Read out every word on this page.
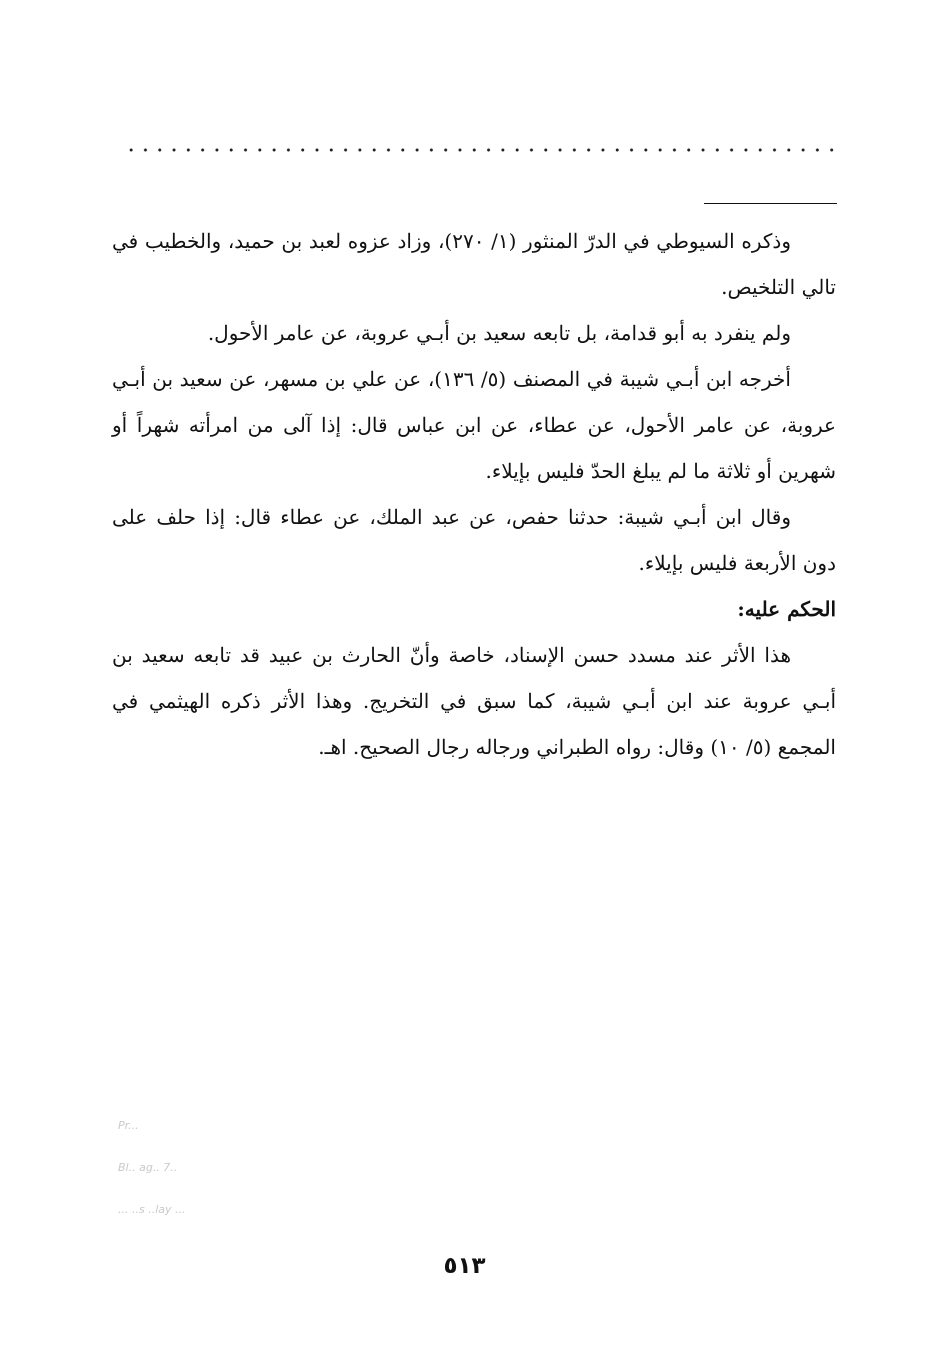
وذكره السيوطي في الدرّ المنثور (١/ ٢٧٠)، وزاد عزوه لعبد بن حميد، والخطيب في تالي التلخيص.

ولم ينفرد به أبو قدامة، بل تابعه سعيد بن أبـي عروبة، عن عامر الأحول.

أخرجه ابن أبـي شيبة في المصنف (٥/ ١٣٦)، عن علي بن مسهر، عن سعيد بن أبـي عروبة، عن عامر الأحول، عن عطاء، عن ابن عباس قال: إذا آلى من امرأته شهراً أو شهرين أو ثلاثة ما لم يبلغ الحدّ فليس بإيلاء.

وقال ابن أبـي شيبة: حدثنا حفص، عن عبد الملك، عن عطاء قال: إذا حلف على دون الأربعة فليس بإيلاء.

الحكم عليه:

هذا الأثر عند مسدد حسن الإسناد، خاصة وأنّ الحارث بن عبيد قد تابعه سعيد بن أبـي عروبة عند ابن أبـي شيبة، كما سبق في التخريج. وهذا الأثر ذكره الهيثمي في المجمع (٥/ ١٠) وقال: رواه الطبراني ورجاله رجال الصحيح. اهـ.

Pr...
Bl.. ag.. 7..
... ..s ..lay ...
٥١٣
